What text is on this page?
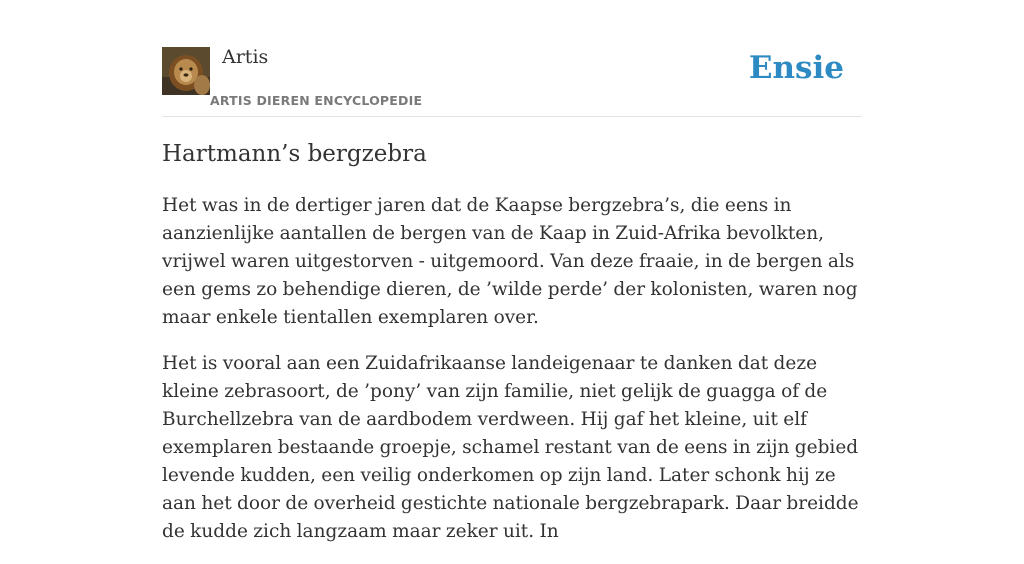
Artis
ARTIS DIEREN ENCYCLOPEDIE
Ensie
Hartmann’s bergzebra

Het was in de dertiger jaren dat de Kaapse bergzebra’s, die eens in aanzienlijke aantallen de bergen van de Kaap in Zuid-Afrika bevolkten, vrijwel waren uitgestorven - uitgemoord. Van deze fraaie, in de bergen als een gems zo behendige dieren, de ’wilde perde’ der kolonisten, waren nog maar enkele tientallen exemplaren over.

Het is vooral aan een Zuidafrikaanse landeigenaar te danken dat deze kleine zebrasoort, de ’pony’ van zijn familie, niet gelijk de guagga of de Burchellzebra van de aardbodem verdween. Hij gaf het kleine, uit elf exemplaren bestaande groepje, schamel restant van de eens in zijn gebied levende kudden, een veilig onderkomen op zijn land. Later schonk hij ze aan het door de overheid gestichte nationale bergzebrapark. Daar breidde de kudde zich langzaam maar zeker uit. In
